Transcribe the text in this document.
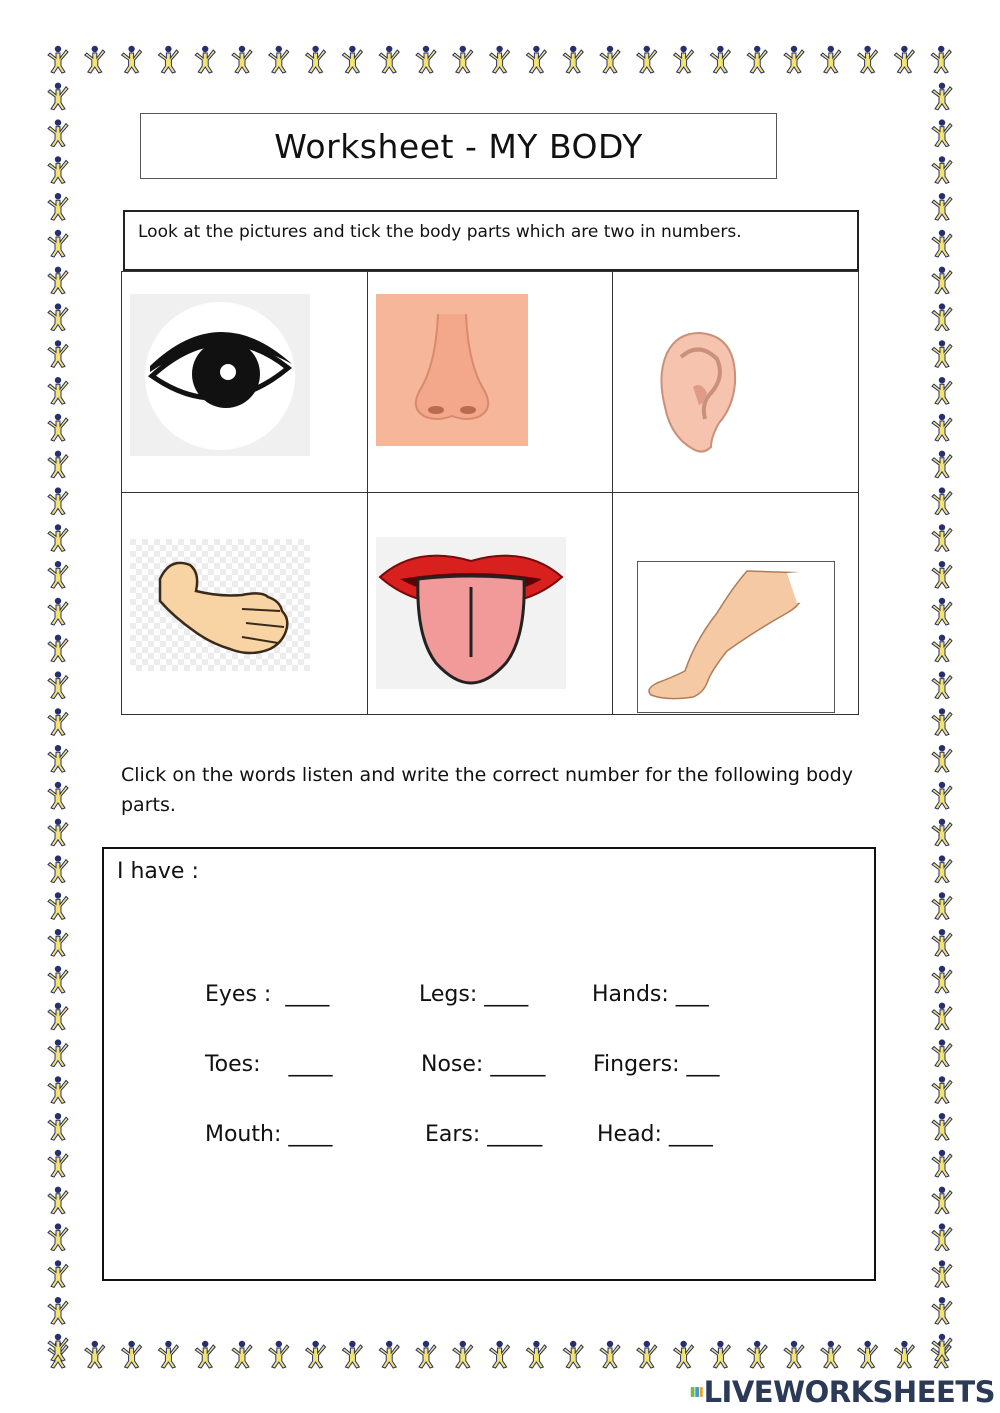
Worksheet - MY BODY
Look at the pictures and tick the body parts which are two in numbers.
Click on the words listen and write the correct number for the following body parts.
I have :

Eyes : ____
	Legs: ____
	Hands: ___

Toes: ____
	Nose: _____
	Fingers: ___

Mouth: ____
	Ears: _____
	Head: ____

LIVEWORKSHEETS
